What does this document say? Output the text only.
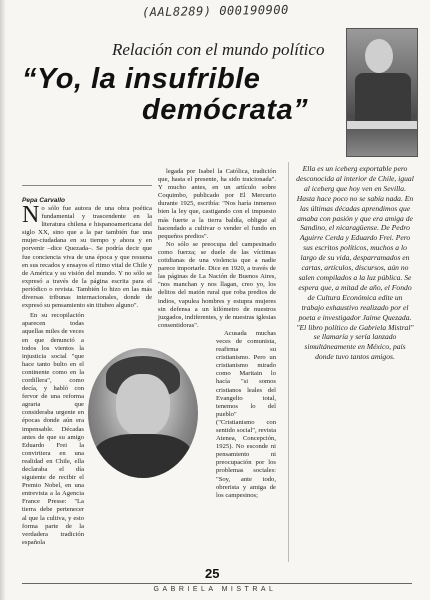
(AAL8289) 000190900
Relación con el mundo político
“Yo, la insufrible
demócrata”
Pepa Carvallo

No sólo fue autora de una obra poética fundamental y trascendente en la literatura chilena e hispanoamericana del siglo XX, sino que a la par también fue una mujer-ciudadana en su tiempo y ahora y en porvenir –dice Quezada–. Se podría decir que fue conciencia viva de una época y que resuena en sus recados y ensayos el ritmo vital de Chile y de América y su visión del mundo. Y no sólo se expresó a través de la página escrita para el periódico o revista. También lo hizo en las más diversas tribunas internacionales, donde de expresó su pensamiento sin titubeo alguno".

En su recopilación aparecen todas aquellas miles de veces en que denunció a todos los vientos la injusticia social "que hace tanto bulto en el continente como en la cordillera", como decía, y habló con fervor de una reforma agraria que consideraba urgente en épocas donde aún era impensable. Décadas antes de que su amigo Eduardo Frei la convirtiera en una realidad en Chile, ella declaraba el día siguiente de recibir el Premio Nobel, en una entrevista a la Agencia France Presse: "La tierra debe pertenecer al que la cultiva, y esto forma parte de la verdadera tradición española

legada por Isabel la Católica, tradición que, hasta el presente, ha sido traicionada". Y mucho antes, en un artículo sobre Coquimbo, publicado por El Mercurio durante 1925, escribía: "Nos haría inmenso bien la ley que, castigando con el impuesto más fuerte a la tierra baldía, obligue al hacendado a cultivar o vender el fundo en pequeños predios".

No sólo se preocupa del campesinado como fuerza; se duele de las víctimas cotidianas de una violencia que a nadie parece importarle. Dice en 1920, a través de las páginas de La Nación de Buenos Aires, "nos manchan y nos llagan, creo yo, los delitos del matón rural que roba predios de indios, vapulea hombres y estupra mujeres sin defensa a un kilómetro de nuestros juzgados, indiferentes, y de nuestras iglesias consentidoras".

Acusada muchas veces de comunista, reafirma su cristianismo. Pero un cristianismo mirado como Maritain lo hacía "si somos cristianos leales del Evangelio total, tenemos lo del pueblo" ("Cristianismo con sentido social", revista Atenea, Concepción, 1925). No esconde ni pensamiento ni preocupación por los problemas sociales: "Soy, ante todo, obrerista y amiga de los campesinos;

Ella es un iceberg exportable pero desconocida al interior de Chile, igual al iceberg que hoy ven en Sevilla. Hasta hace poco no se sabía nada. En las últimas décadas aprendimos que amaba con pasión y que era amiga de Sandino, el nicaragüense. De Pedro Aguirre Cerda y Eduardo Frei. Pero sus escritos políticos, muchos a lo largo de su vida, desparramados en cartas, artículos, discursos, aún no salen compilados a la luz pública. Se espera que, a mitad de año, el Fondo de Cultura Económica edite un trabajo exhaustivo realizado por el poeta e investigador Jaime Quezada. "El libro político de Gabriela Mistral" se llamaría y sería lanzado simultáneamente en México, país donde tuvo tantos amigos.
25
GABRIELA MISTRAL
